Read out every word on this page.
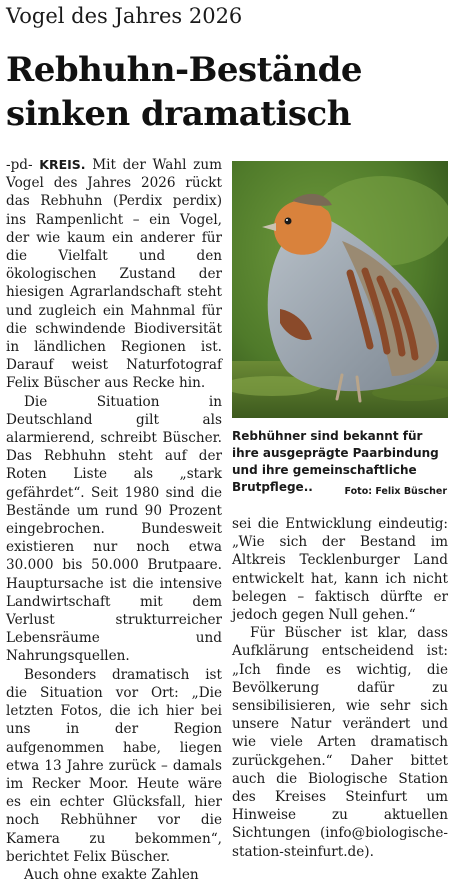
Vogel des Jahres 2026
Rebhuhn-Bestände
sinken dramatisch

-pd- KREIS. Mit der Wahl zum Vogel des Jahres 2026 rückt das Rebhuhn (Perdix perdix) ins Rampenlicht – ein Vogel, der wie kaum ein anderer für die Vielfalt und den ökologischen Zustand der hiesigen Agrarlandschaft steht und zugleich ein Mahnmal für die schwindende Biodiversität in ländlichen Regionen ist. Darauf weist Naturfotograf Felix Büscher aus Recke hin.

Die Situation in Deutschland gilt als alarmierend, schreibt Büscher. Das Rebhuhn steht auf der Roten Liste als „stark gefährdet“. Seit 1980 sind die Bestände um rund 90 Prozent eingebrochen. Bundesweit existieren nur noch etwa 30.000 bis 50.000 Brutpaare. Hauptursache ist die intensive Landwirtschaft mit dem Verlust strukturreicher Lebensräume und Nahrungsquellen.

Besonders dramatisch ist die Situation vor Ort: „Die letzten Fotos, die ich hier bei uns in der Region aufgenommen habe, liegen etwa 13 Jahre zurück – damals im Recker Moor. Heute wäre es ein echter Glücksfall, hier noch Rebhühner vor die Kamera zu bekommen“, berichtet Felix Büscher.

Auch ohne exakte Zahlen

Rebhühner sind bekannt für ihre ausgeprägte Paarbindung und ihre gemeinschaftliche Brutpflege..	Foto: Felix Büscher

sei die Entwicklung eindeutig: „Wie sich der Bestand im Altkreis Tecklenburger Land entwickelt hat, kann ich nicht belegen – faktisch dürfte er jedoch gegen Null gehen.“

Für Büscher ist klar, dass Aufklärung entscheidend ist: „Ich finde es wichtig, die Bevölkerung dafür zu sensibilisieren, wie sehr sich unsere Natur verändert und wie viele Arten dramatisch zurückgehen.“ Daher bittet auch die Biologische Station des Kreises Steinfurt um Hinweise zu aktuellen Sichtungen (info@biologische-station-steinfurt.de).
